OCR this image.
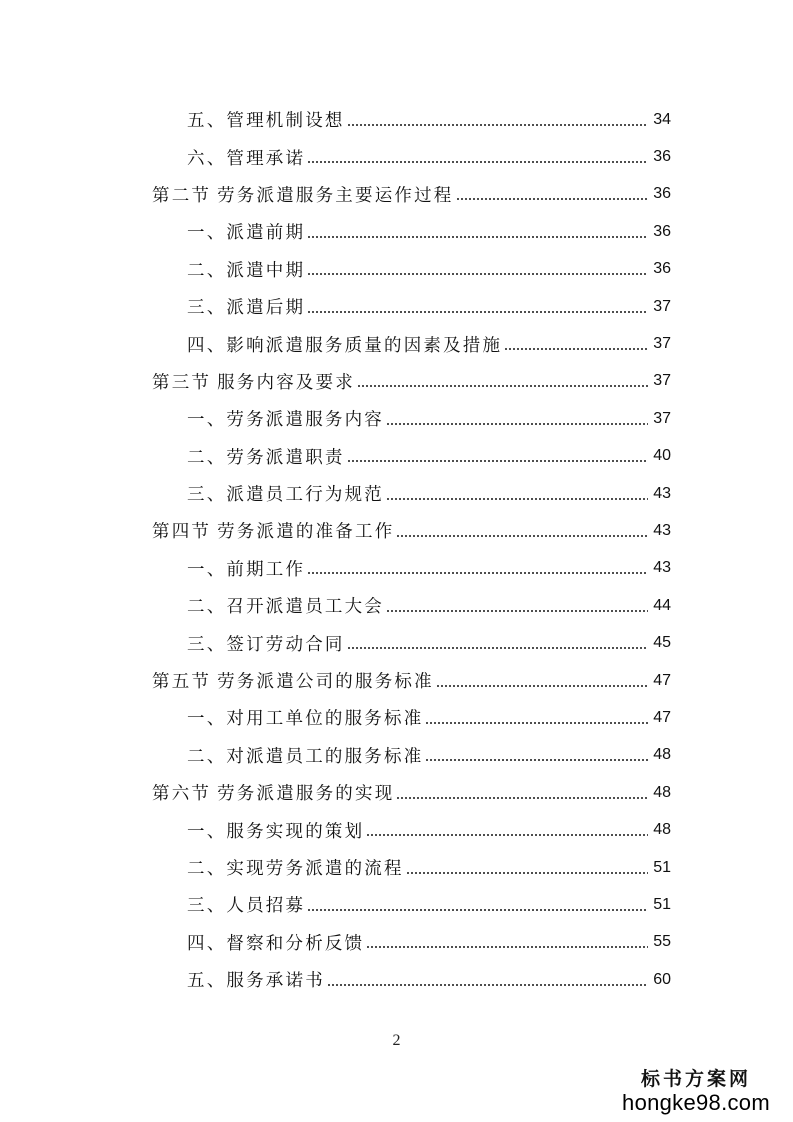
五、管理机制设想	34
六、管理承诺	36
第二节 劳务派遣服务主要运作过程	36
一、派遣前期	36
二、派遣中期	36
三、派遣后期	37
四、影响派遣服务质量的因素及措施	37
第三节 服务内容及要求	37
一、劳务派遣服务内容	37
二、劳务派遣职责	40
三、派遣员工行为规范	43
第四节 劳务派遣的准备工作	43
一、前期工作	43
二、召开派遣员工大会	44
三、签订劳动合同	45
第五节 劳务派遣公司的服务标准	47
一、对用工单位的服务标准	47
二、对派遣员工的服务标准	48
第六节 劳务派遣服务的实现	48
一、服务实现的策划	48
二、实现劳务派遣的流程	51
三、人员招募	51
四、督察和分析反馈	55
五、服务承诺书	60
2
标书方案网
hongke98.com
